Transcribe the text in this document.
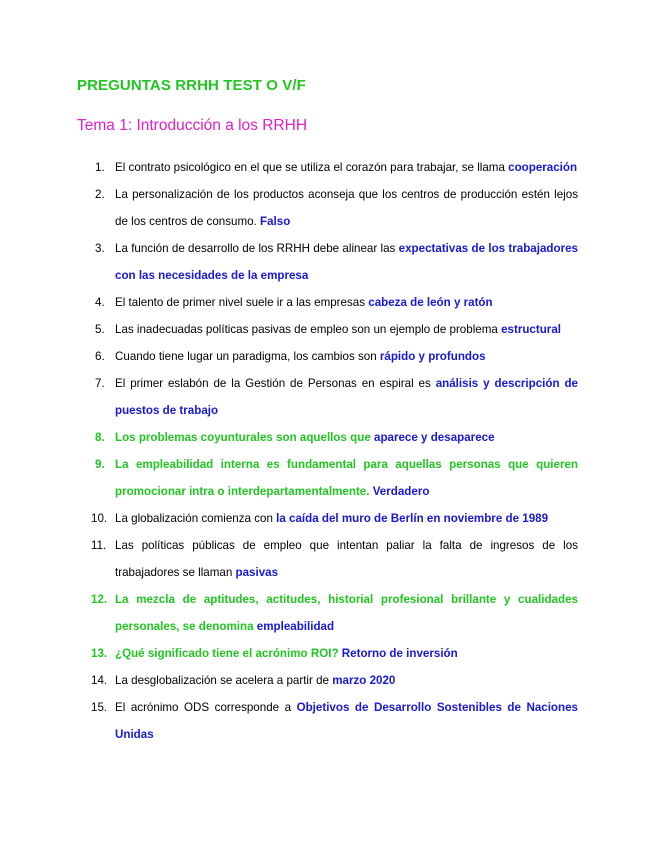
PREGUNTAS RRHH TEST O V/F
Tema 1: Introducción a los RRHH
1. El contrato psicológico en el que se utiliza el corazón para trabajar, se llama cooperación
2. La personalización de los productos aconseja que los centros de producción estén lejos de los centros de consumo. Falso
3. La función de desarrollo de los RRHH debe alinear las expectativas de los trabajadores con las necesidades de la empresa
4. El talento de primer nivel suele ir a las empresas cabeza de león y ratón
5. Las inadecuadas políticas pasivas de empleo son un ejemplo de problema estructural
6. Cuando tiene lugar un paradigma, los cambios son rápido y profundos
7. El primer eslabón de la Gestión de Personas en espiral es análisis y descripción de puestos de trabajo
8. Los problemas coyunturales son aquellos que aparece y desaparece
9. La empleabilidad interna es fundamental para aquellas personas que quieren promocionar intra o interdepartamentalmente. Verdadero
10. La globalización comienza con la caída del muro de Berlín en noviembre de 1989
11. Las políticas públicas de empleo que intentan paliar la falta de ingresos de los trabajadores se llaman pasivas
12. La mezcla de aptitudes, actitudes, historial profesional brillante y cualidades personales, se denomina empleabilidad
13. ¿Qué significado tiene el acrónimo ROI? Retorno de inversión
14. La desglobalización se acelera a partir de marzo 2020
15. El acrónimo ODS corresponde a Objetivos de Desarrollo Sostenibles de Naciones Unidas
